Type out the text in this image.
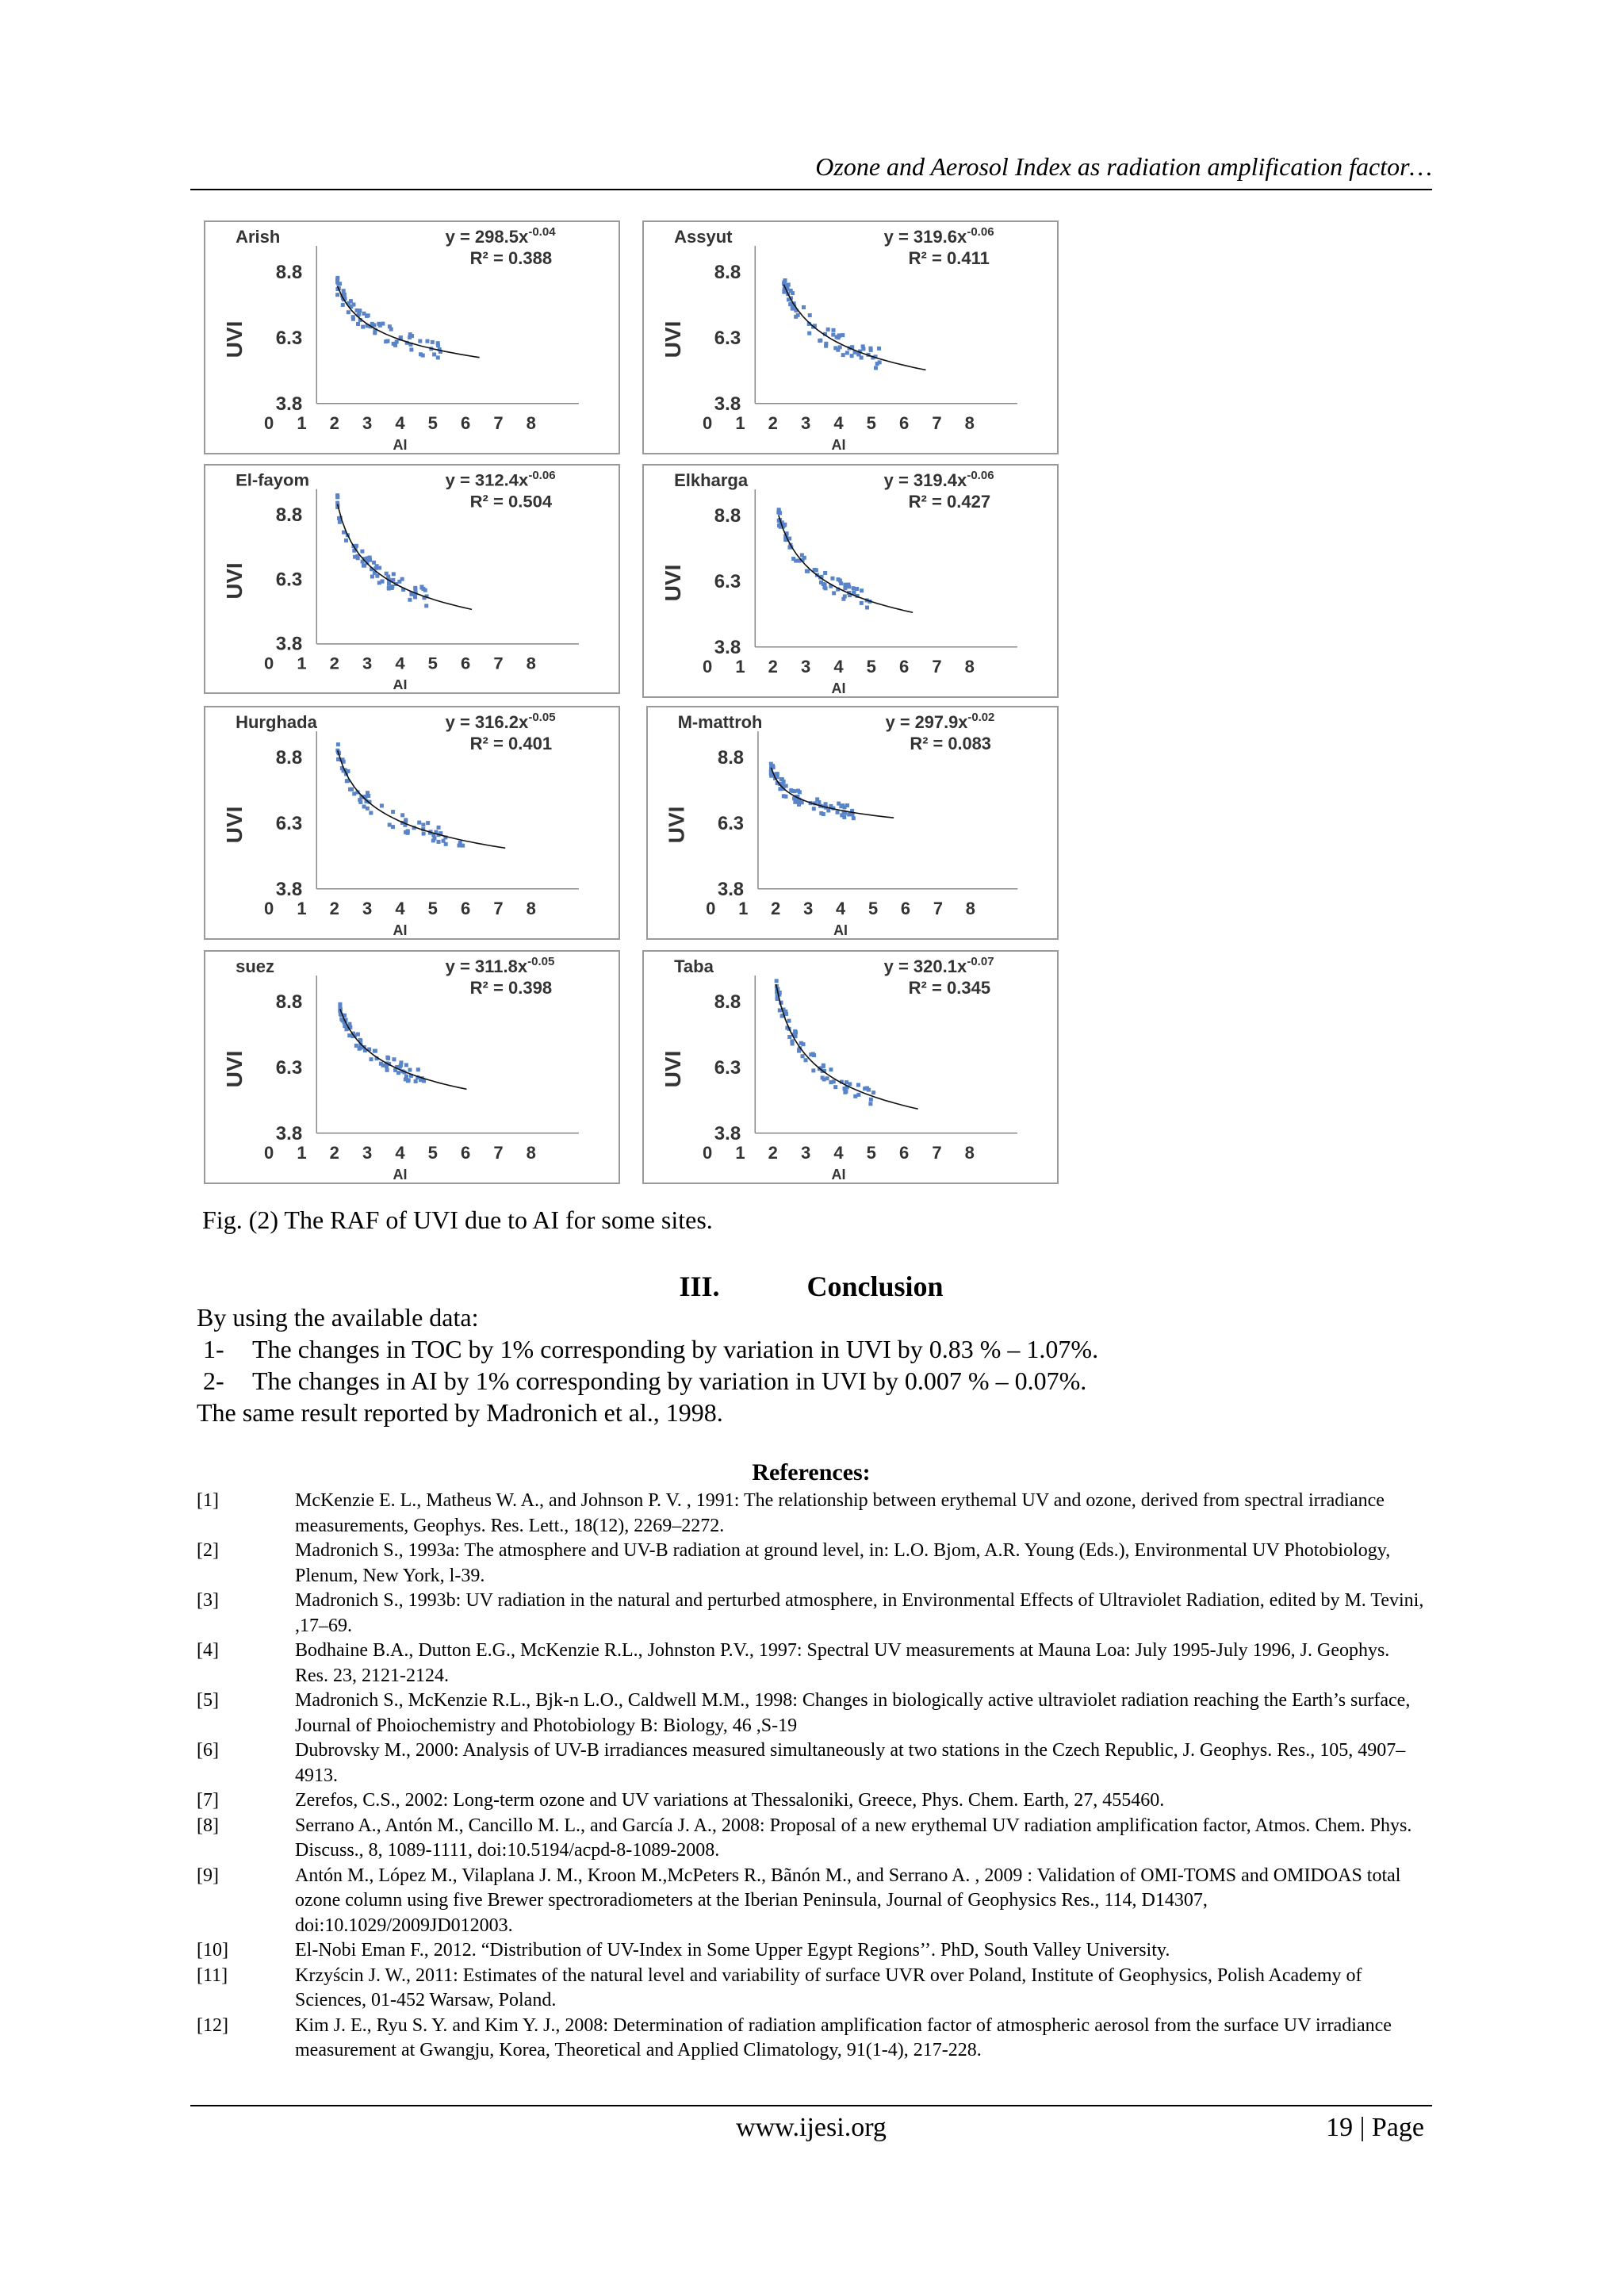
Ozone and Aerosol Index as radiation amplification factor…
Arish	$y = 298.5x^{-0.04}$
R² = 0.388
8.8
6.3
3.8
UVI
0 1 2 3 4 5 6 7 8
AI
Assyut	$y = 319.6x^{-0.06}$
R² = 0.411
8.8
6.3
3.8
UVI
0 1 2 3 4 5 6 7 8
AI
El-fayom	$y = 312.4x^{-0.06}$
R² = 0.504
8.8
6.3
3.8
UVI
0 1 2 3 4 5 6 7 8
AI
Elkharga	$y = 319.4x^{-0.06}$
R² = 0.427
8.8
6.3
3.8
UVI
0 1 2 3 4 5 6 7 8
AI
Hurghada	$y = 316.2x^{-0.05}$
R² = 0.401
8.8
6.3
3.8
UVI
0 1 2 3 4 5 6 7 8
AI
M-mattroh	$y = 297.9x^{-0.02}$
R² = 0.083
8.8
6.3
3.8
UVI
0 1 2 3 4 5 6 7 8
AI
suez	$y = 311.8x^{-0.05}$
R² = 0.398
8.8
6.3
3.8
UVI
0 1 2 3 4 5 6 7 8
AI
Taba	$y = 320.1x^{-0.07}$
R² = 0.345
8.8
6.3
3.8
UVI
0 1 2 3 4 5 6 7 8
AI
Fig. (2) The RAF of UVI due to AI for some sites.
III.	Conclusion
By using the available data:
1-	The changes in TOC by 1% corresponding by variation in UVI by 0.83 % – 1.07%.
2-	The changes in AI by 1% corresponding by variation in UVI by 0.007 % – 0.07%.
The same result reported by Madronich et al., 1998.
References:
[1]	McKenzie E. L., Matheus W. A., and Johnson P. V. , 1991: The relationship between erythemal UV and ozone, derived from spectral irradiance measurements, Geophys. Res. Lett., 18(12), 2269–2272.
[2]	Madronich S., 1993a: The atmosphere and UV-B radiation at ground level, in: L.O. Bjom, A.R. Young (Eds.), Environmental UV Photobiology, Plenum, New York, l-39.
[3]	Madronich S., 1993b: UV radiation in the natural and perturbed atmosphere, in Environmental Effects of Ultraviolet Radiation, edited by M. Tevini, ,17–69.
[4]	Bodhaine B.A., Dutton E.G., McKenzie R.L., Johnston P.V., 1997: Spectral UV measurements at Mauna Loa: July 1995-July 1996, J. Geophys. Res. 23, 2121-2124.
[5]	Madronich S., McKenzie R.L., Bjk-n L.O., Caldwell M.M., 1998: Changes in biologically active ultraviolet radiation reaching the Earth’s surface, Journal of Phoiochemistry and Photobiology B: Biology, 46 ,S-19
[6]	Dubrovsky M., 2000: Analysis of UV-B irradiances measured simultaneously at two stations in the Czech Republic, J. Geophys. Res., 105, 4907–4913.
[7]	Zerefos, C.S., 2002: Long-term ozone and UV variations at Thessaloniki, Greece, Phys. Chem. Earth, 27, 455460.
[8]	Serrano A., Antón M., Cancillo M. L., and García J. A., 2008: Proposal of a new erythemal UV radiation amplification factor, Atmos. Chem. Phys. Discuss., 8, 1089-1111, doi:10.5194/acpd-8-1089-2008.
[9]	Antón M., López M., Vilaplana J. M., Kroon M.,McPeters R., Bãnón M., and Serrano A. , 2009 : Validation of OMI-TOMS and OMIDOAS total ozone column using five Brewer spectroradiometers at the Iberian Peninsula, Journal of Geophysics Res., 114, D14307, doi:10.1029/2009JD012003.
[10]	El-Nobi Eman F., 2012. “Distribution of UV-Index in Some Upper Egypt Regions’’. PhD, South Valley University.
[11]	Krzyścin J. W., 2011: Estimates of the natural level and variability of surface UVR over Poland, Institute of Geophysics, Polish Academy of Sciences, 01-452 Warsaw, Poland.
[12]	Kim J. E., Ryu S. Y. and Kim Y. J., 2008: Determination of radiation amplification factor of atmospheric aerosol from the surface UV irradiance measurement at Gwangju, Korea, Theoretical and Applied Climatology, 91(1-4), 217-228.
www.ijesi.org	19 | Page
